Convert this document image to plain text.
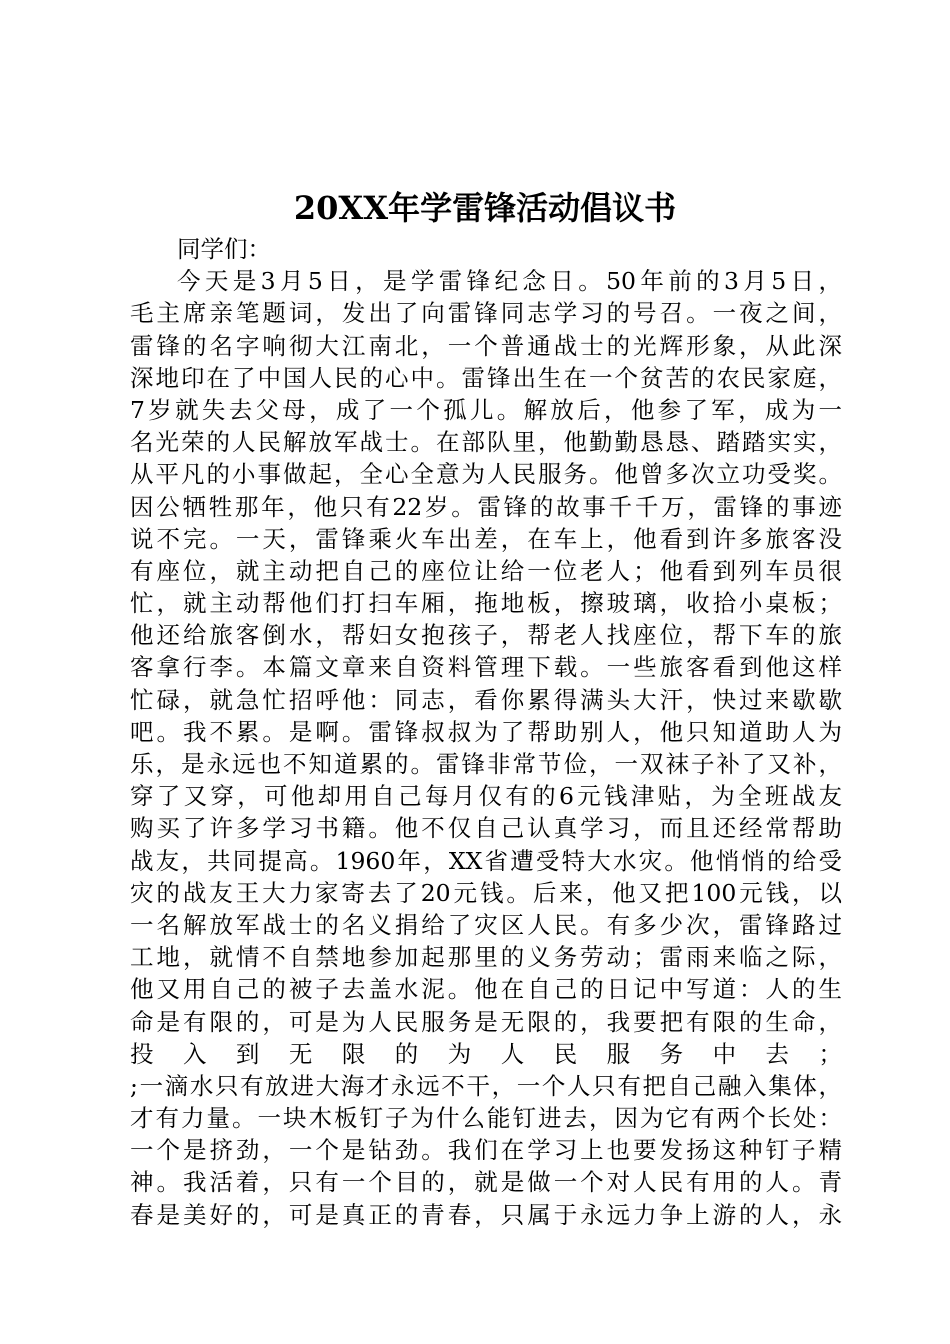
20XX年学雷锋活动倡议书
同学们：
今天是3月5日，是学雷锋纪念日。50年前的3月5日，
毛主席亲笔题词，发出了向雷锋同志学习的号召。一夜之间，
雷锋的名字响彻大江南北，一个普通战士的光辉形象，从此深
深地印在了中国人民的心中。雷锋出生在一个贫苦的农民家庭，
7岁就失去父母，成了一个孤儿。解放后，他参了军，成为一
名光荣的人民解放军战士。在部队里，他勤勤恳恳、踏踏实实，
从平凡的小事做起，全心全意为人民服务。他曾多次立功受奖。
因公牺牲那年，他只有22岁。雷锋的故事千千万，雷锋的事迹
说不完。一天，雷锋乘火车出差，在车上，他看到许多旅客没
有座位，就主动把自己的座位让给一位老人；他看到列车员很
忙，就主动帮他们打扫车厢，拖地板，擦玻璃，收拾小桌板；
他还给旅客倒水，帮妇女抱孩子，帮老人找座位，帮下车的旅
客拿行李。本篇文章来自资料管理下载。一些旅客看到他这样
忙碌，就急忙招呼他：同志，看你累得满头大汗，快过来歇歇
吧。我不累。是啊。雷锋叔叔为了帮助别人，他只知道助人为
乐，是永远也不知道累的。雷锋非常节俭，一双袜子补了又补，
穿了又穿，可他却用自己每月仅有的6元钱津贴，为全班战友
购买了许多学习书籍。他不仅自己认真学习，而且还经常帮助
战友，共同提高。1960年，XX省遭受特大水灾。他悄悄的给受
灾的战友王大力家寄去了20元钱。后来，他又把100元钱，以
一名解放军战士的名义捐给了灾区人民。有多少次，雷锋路过
工地，就情不自禁地参加起那里的义务劳动；雷雨来临之际，
他又用自己的被子去盖水泥。他在自己的日记中写道：人的生
命是有限的，可是为人民服务是无限的，我要把有限的生命，
投入到无限的为人民服务中去；
;一滴水只有放进大海才永远不干，一个人只有把自己融入集体，
才有力量。一块木板钉子为什么能钉进去，因为它有两个长处：
一个是挤劲，一个是钻劲。我们在学习上也要发扬这种钉子精
神。我活着，只有一个目的，就是做一个对人民有用的人。青
春是美好的，可是真正的青春，只属于永远力争上游的人，永
